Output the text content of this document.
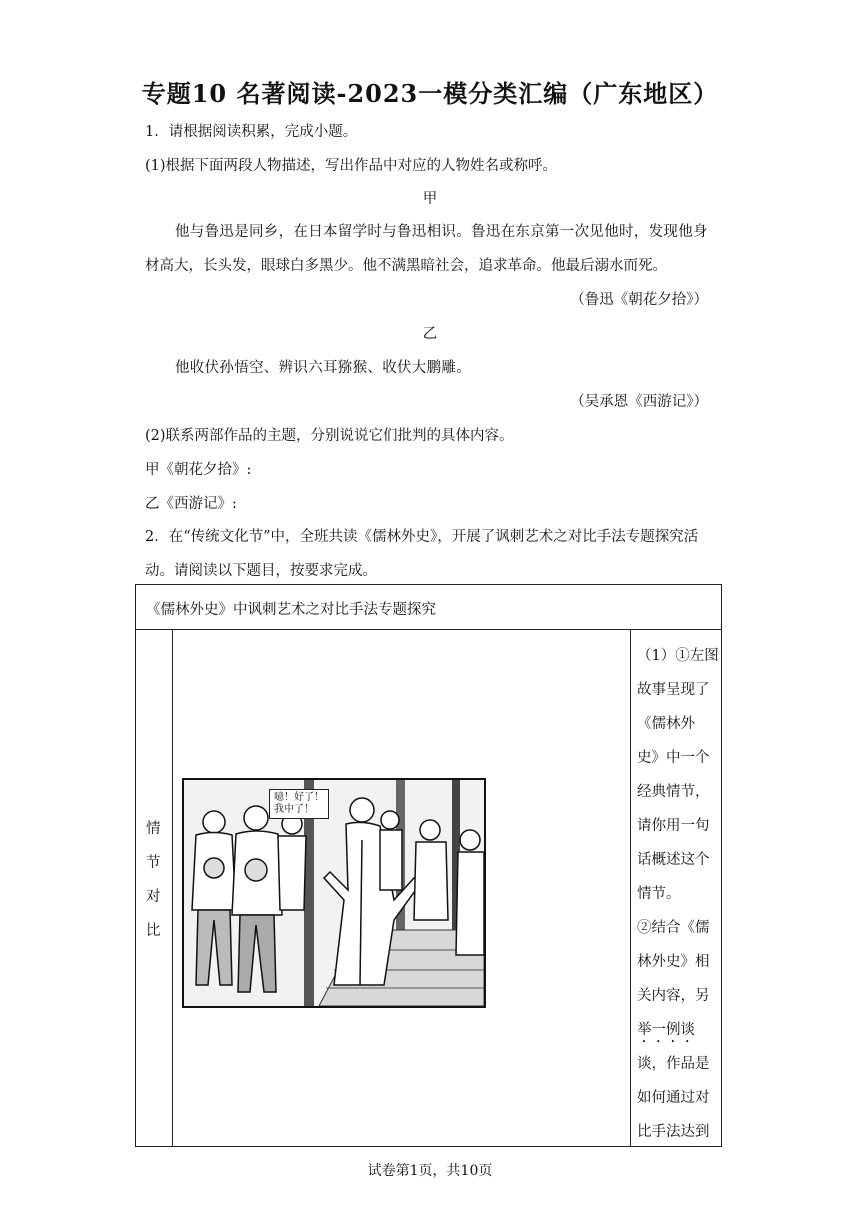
专题10 名著阅读-2023一模分类汇编（广东地区）
1．请根据阅读积累，完成小题。
(1)根据下面两段人物描述，写出作品中对应的人物姓名或称呼。
甲
他与鲁迅是同乡，在日本留学时与鲁迅相识。鲁迅在东京第一次见他时，发现他身
材高大，长头发，眼球白多黑少。他不满黑暗社会，追求革命。他最后溺水而死。
（鲁迅《朝花夕拾》）
乙
他收伏孙悟空、辨识六耳猕猴、收伏大鹏雕。
（吴承恩《西游记》）
(2)联系两部作品的主题，分别说说它们批判的具体内容。
甲《朝花夕拾》:
乙《西游记》:
2．在“传统文化节”中，全班共读《儒林外史》，开展了讽刺艺术之对比手法专题探究活
动。请阅读以下题目，按要求完成。
《儒林外史》中讽刺艺术之对比手法专题探究
情
节
对
比
噫！好了！
我中了！
（1）①左图
故事呈现了
《儒林外
史》中一个
经典情节，
请你用一句
话概述这个
情节。
②结合《儒
林外史》相
关内容，另
举一例谈
谈，作品是
如何通过对
比手法达到
试卷第1页，共10页
